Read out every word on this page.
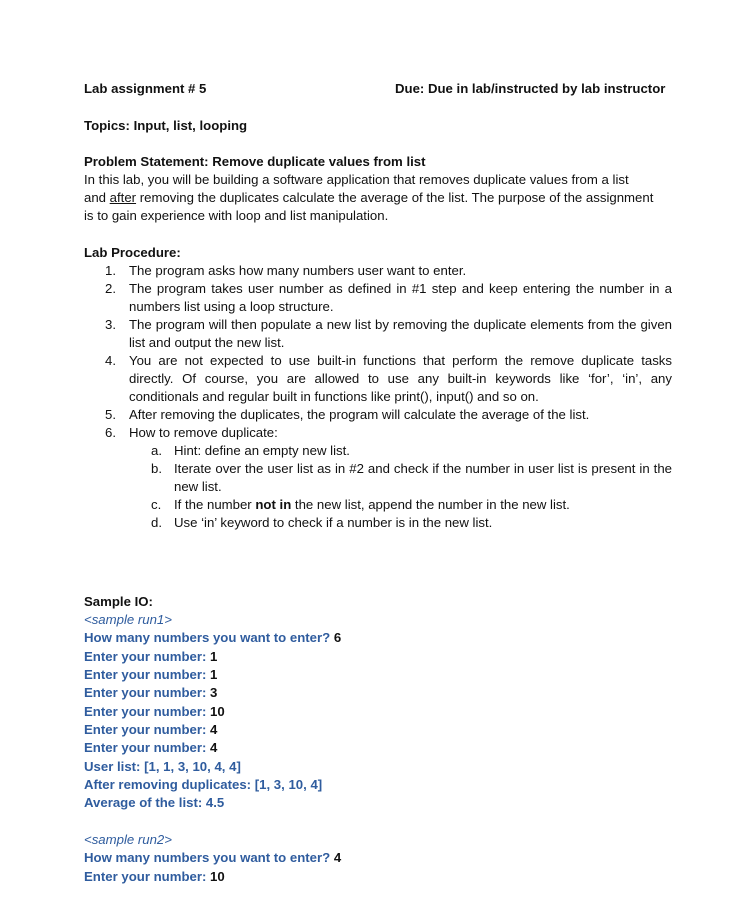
Lab assignment # 5	Due: Due in lab/instructed by lab instructor
Topics: Input, list, looping
Problem Statement: Remove duplicate values from list
In this lab, you will be building a software application that removes duplicate values from a list
and after removing the duplicates calculate the average of the list. The purpose of the assignment
is to gain experience with loop and list manipulation.
Lab Procedure:
1. The program asks how many numbers user want to enter.
2. The program takes user number as defined in #1 step and keep entering the number in a numbers list using a loop structure.
3. The program will then populate a new list by removing the duplicate elements from the given list and output the new list.
4. You are not expected to use built-in functions that perform the remove duplicate tasks directly. Of course, you are allowed to use any built-in keywords like ‘for’, ‘in’, any conditionals and regular built in functions like print(), input() and so on.
5. After removing the duplicates, the program will calculate the average of the list.
6. How to remove duplicate:
a. Hint: define an empty new list.
b. Iterate over the user list as in #2 and check if the number in user list is present in the new list.
c. If the number not in the new list, append the number in the new list.
d. Use ‘in’ keyword to check if a number is in the new list.
Sample IO:
<sample run1>
How many numbers you want to enter? 6
Enter your number: 1
Enter your number: 1
Enter your number: 3
Enter your number: 10
Enter your number: 4
Enter your number: 4
User list: [1, 1, 3, 10, 4, 4]
After removing duplicates: [1, 3, 10, 4]
Average of the list: 4.5
<sample run2>
How many numbers you want to enter? 4
Enter your number: 10
